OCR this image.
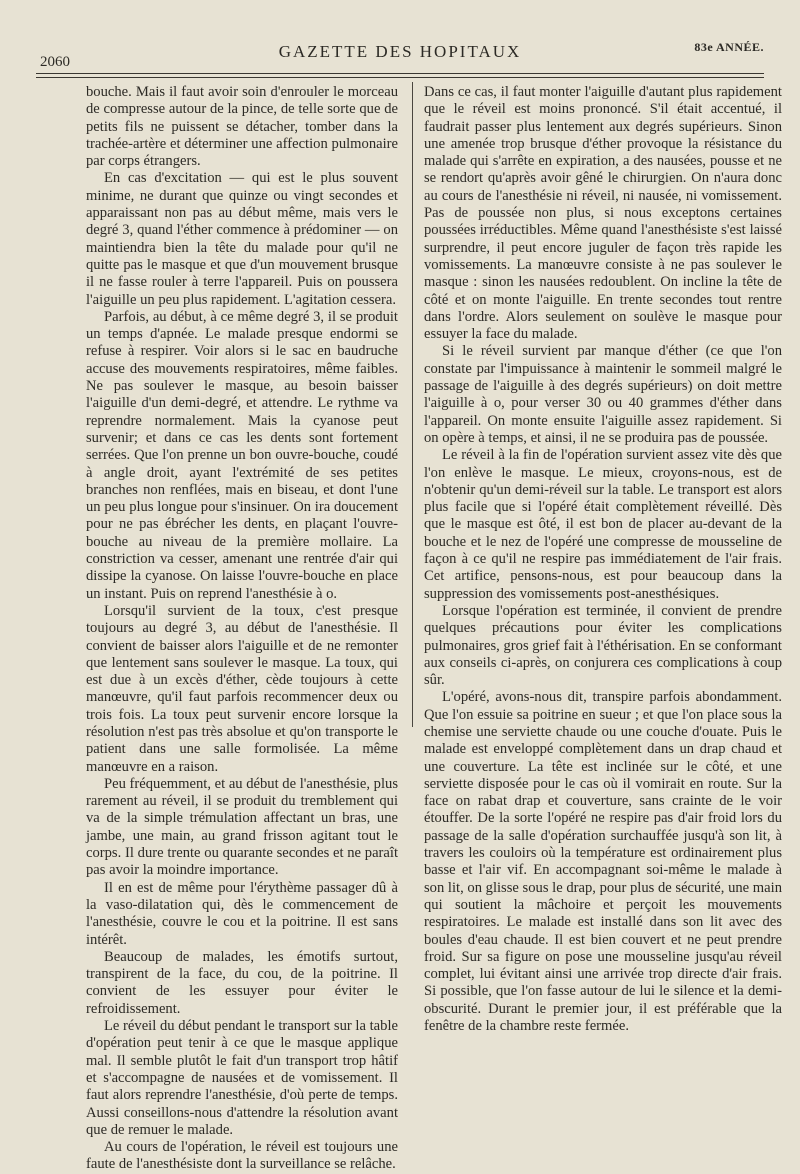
2060
GAZETTE DES HOPITAUX	83e ANNÉE.

bouche. Mais il faut avoir soin d'enrouler le morceau de compresse autour de la pince, de telle sorte que de petits fils ne puissent se détacher, tomber dans la trachée-artère et déterminer une affection pulmonaire par corps étrangers.

En cas d'excitation — qui est le plus souvent minime, ne durant que quinze ou vingt secondes et apparaissant non pas au début même, mais vers le degré 3, quand l'éther commence à prédominer — on maintiendra bien la tête du malade pour qu'il ne quitte pas le masque et que d'un mouvement brusque il ne fasse rouler à terre l'appareil. Puis on poussera l'aiguille un peu plus rapidement. L'agitation cessera.

Parfois, au début, à ce même degré 3, il se produit un temps d'apnée. Le malade presque endormi se refuse à respirer. Voir alors si le sac en baudruche accuse des mouvements respiratoires, même faibles. Ne pas soulever le masque, au besoin baisser l'aiguille d'un demi-degré, et attendre. Le rythme va reprendre normalement. Mais la cyanose peut survenir; et dans ce cas les dents sont fortement serrées. Que l'on prenne un bon ouvre-bouche, coudé à angle droit, ayant l'extrémité de ses petites branches non renflées, mais en biseau, et dont l'une un peu plus longue pour s'insinuer. On ira doucement pour ne pas ébrécher les dents, en plaçant l'ouvre-bouche au niveau de la première mollaire. La constriction va cesser, amenant une rentrée d'air qui dissipe la cyanose. On laisse l'ouvre-bouche en place un instant. Puis on reprend l'anesthésie à o.

Lorsqu'il survient de la toux, c'est presque toujours au degré 3, au début de l'anesthésie. Il convient de baisser alors l'aiguille et de ne remonter que lentement sans soulever le masque. La toux, qui est due à un excès d'éther, cède toujours à cette manœuvre, qu'il faut parfois recommencer deux ou trois fois. La toux peut survenir encore lorsque la résolution n'est pas très absolue et qu'on transporte le patient dans une salle formolisée. La même manœuvre en a raison.

Peu fréquemment, et au début de l'anesthésie, plus rarement au réveil, il se produit du tremblement qui va de la simple trémulation affectant un bras, une jambe, une main, au grand frisson agitant tout le corps. Il dure trente ou quarante secondes et ne paraît pas avoir la moindre importance.

Il en est de même pour l'érythème passager dû à la vaso-dilatation qui, dès le commencement de l'anesthésie, couvre le cou et la poitrine. Il est sans intérêt.

Beaucoup de malades, les émotifs surtout, transpirent de la face, du cou, de la poitrine. Il convient de les essuyer pour éviter le refroidissement.

Le réveil du début pendant le transport sur la table d'opération peut tenir à ce que le masque applique mal. Il semble plutôt le fait d'un transport trop hâtif et s'accompagne de nausées et de vomissement. Il faut alors reprendre l'anesthésie, d'où perte de temps. Aussi conseillons-nous d'attendre la résolution avant que de remuer le malade.

Au cours de l'opération, le réveil est toujours une faute de l'anesthésiste dont la surveillance se relâche.

Dans ce cas, il faut monter l'aiguille d'autant plus rapidement que le réveil est moins prononcé. S'il était accentué, il faudrait passer plus lentement aux degrés supérieurs. Sinon une amenée trop brusque d'éther provoque la résistance du malade qui s'arrête en expiration, a des nausées, pousse et ne se rendort qu'après avoir gêné le chirurgien. On n'aura donc au cours de l'anesthésie ni réveil, ni nausée, ni vomissement. Pas de poussée non plus, si nous exceptons certaines poussées irréductibles. Même quand l'anesthésiste s'est laissé surprendre, il peut encore juguler de façon très rapide les vomissements. La manœuvre consiste à ne pas soulever le masque : sinon les nausées redoublent. On incline la tête de côté et on monte l'aiguille. En trente secondes tout rentre dans l'ordre. Alors seulement on soulève le masque pour essuyer la face du malade.

Si le réveil survient par manque d'éther (ce que l'on constate par l'impuissance à maintenir le sommeil malgré le passage de l'aiguille à des degrés supérieurs) on doit mettre l'aiguille à o, pour verser 30 ou 40 grammes d'éther dans l'appareil. On monte ensuite l'aiguille assez rapidement. Si on opère à temps, et ainsi, il ne se produira pas de poussée.

Le réveil à la fin de l'opération survient assez vite dès que l'on enlève le masque. Le mieux, croyons-nous, est de n'obtenir qu'un demi-réveil sur la table. Le transport est alors plus facile que si l'opéré était complètement réveillé. Dès que le masque est ôté, il est bon de placer au-devant de la bouche et le nez de l'opéré une compresse de mousseline de façon à ce qu'il ne respire pas immédiatement de l'air frais. Cet artifice, pensons-nous, est pour beaucoup dans la suppression des vomissements post-anesthésiques.

Lorsque l'opération est terminée, il convient de prendre quelques précautions pour éviter les complications pulmonaires, gros grief fait à l'éthérisation. En se conformant aux conseils ci-après, on conjurera ces complications à coup sûr.

L'opéré, avons-nous dit, transpire parfois abondamment. Que l'on essuie sa poitrine en sueur ; et que l'on place sous la chemise une serviette chaude ou une couche d'ouate. Puis le malade est enveloppé complètement dans un drap chaud et une couverture. La tête est inclinée sur le côté, et une serviette disposée pour le cas où il vomirait en route. Sur la face on rabat drap et couverture, sans crainte de le voir étouffer. De la sorte l'opéré ne respire pas d'air froid lors du passage de la salle d'opération surchauffée jusqu'à son lit, à travers les couloirs où la température est ordinairement plus basse et l'air vif. En accompagnant soi-même le malade à son lit, on glisse sous le drap, pour plus de sécurité, une main qui soutient la mâchoire et perçoit les mouvements respiratoires. Le malade est installé dans son lit avec des boules d'eau chaude. Il est bien couvert et ne peut prendre froid. Sur sa figure on pose une mousseline jusqu'au réveil complet, lui évitant ainsi une arrivée trop directe d'air frais. Si possible, que l'on fasse autour de lui le silence et la demi-obscurité. Durant le premier jour, il est préférable que la fenêtre de la chambre reste fermée.
